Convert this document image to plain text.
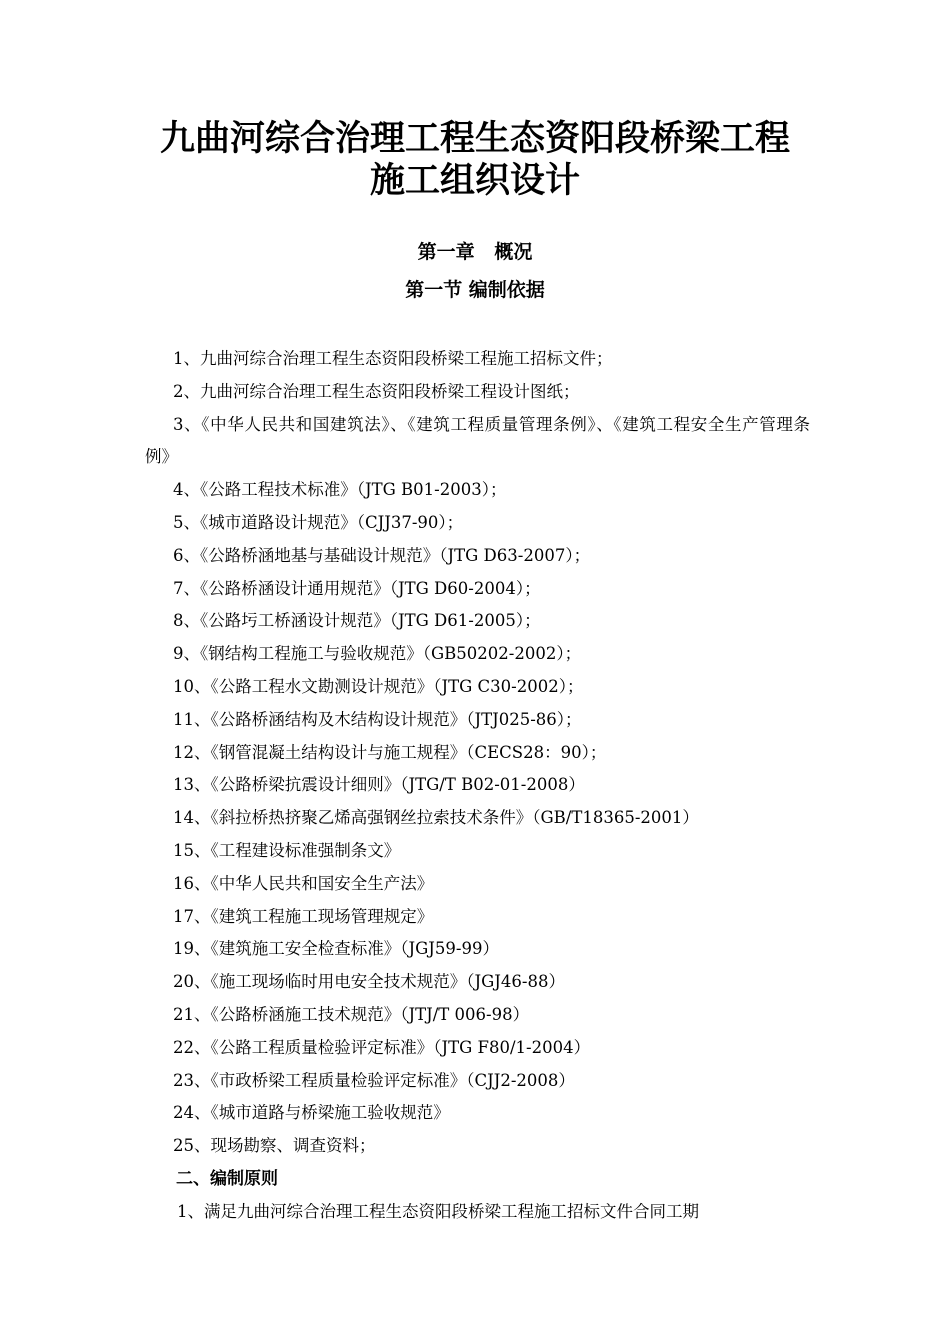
九曲河综合治理工程生态资阳段桥梁工程
施工组织设计
第一章   概况
第一节 编制依据
1、九曲河综合治理工程生态资阳段桥梁工程施工招标文件；
2、九曲河综合治理工程生态资阳段桥梁工程设计图纸；
3、《中华人民共和国建筑法》、《建筑工程质量管理条例》、《建筑工程安全生产管理条例》
4、《公路工程技术标准》（JTG B01-2003）；
5、《城市道路设计规范》（CJJ37-90）；
6、《公路桥涵地基与基础设计规范》（JTG D63-2007）；
7、《公路桥涵设计通用规范》（JTG D60-2004）；
8、《公路圬工桥涵设计规范》（JTG D61-2005）；
9、《钢结构工程施工与验收规范》（GB50202-2002）；
10、《公路工程水文勘测设计规范》（JTG C30-2002）；
11、《公路桥涵结构及木结构设计规范》（JTJ025-86）；
12、《钢管混凝土结构设计与施工规程》（CECS28：90）；
13、《公路桥梁抗震设计细则》（JTG/T B02-01-2008）
14、《斜拉桥热挤聚乙烯高强钢丝拉索技术条件》（GB/T18365-2001）
15、《工程建设标准强制条文》
16、《中华人民共和国安全生产法》
17、《建筑工程施工现场管理规定》
19、《建筑施工安全检查标准》（JGJ59-99）
20、《施工现场临时用电安全技术规范》（JGJ46-88）
21、《公路桥涵施工技术规范》（JTJ/T 006-98）
22、《公路工程质量检验评定标准》（JTG F80/1-2004）
23、《市政桥梁工程质量检验评定标准》（CJJ2-2008）
24、《城市道路与桥梁施工验收规范》
25、现场勘察、调查资料；
二、编制原则
1、满足九曲河综合治理工程生态资阳段桥梁工程施工招标文件合同工期
